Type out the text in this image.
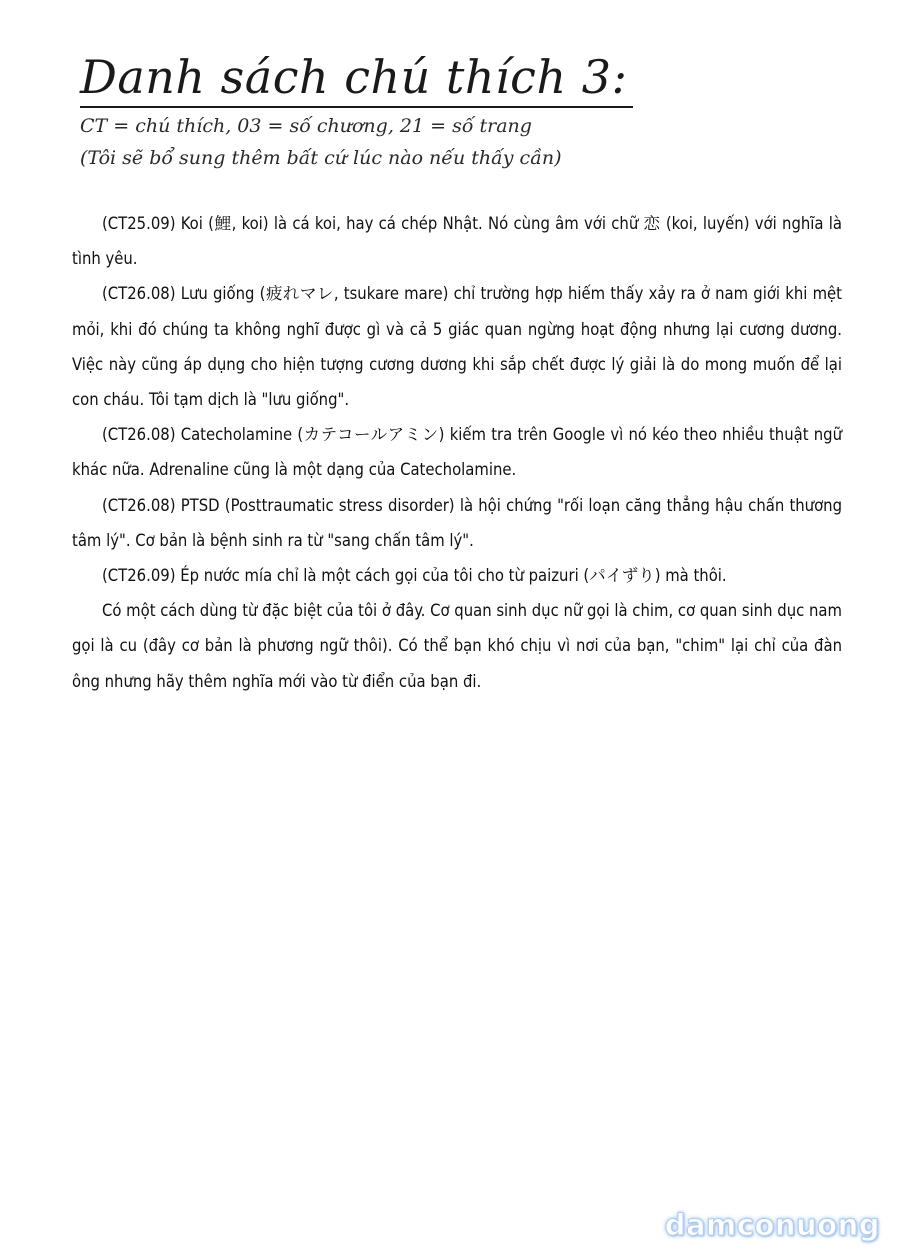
Danh sách chú thích 3:
CT = chú thích, 03 = số chương, 21 = số trang
(Tôi sẽ bổ sung thêm bất cứ lúc nào nếu thấy cần)

(CT25.09) Koi (鯉, koi) là cá koi, hay cá chép Nhật. Nó cùng âm với chữ 恋 (koi, luyến) với nghĩa là tình yêu.

(CT26.08) Lưu giống (疲れマレ, tsukare mare) chỉ trường hợp hiếm thấy xảy ra ở nam giới khi mệt mỏi, khi đó chúng ta không nghĩ được gì và cả 5 giác quan ngừng hoạt động nhưng lại cương dương. Việc này cũng áp dụng cho hiện tượng cương dương khi sắp chết được lý giải là do mong muốn để lại con cháu. Tôi tạm dịch là "lưu giống".

(CT26.08) Catecholamine (カテコールアミン) kiếm tra trên Google vì nó kéo theo nhiều thuật ngữ khác nữa. Adrenaline cũng là một dạng của Catecholamine.

(CT26.08) PTSD (Posttraumatic stress disorder) là hội chứng "rối loạn căng thẳng hậu chấn thương tâm lý". Cơ bản là bệnh sinh ra từ "sang chấn tâm lý".

(CT26.09) Ép nước mía chỉ là một cách gọi của tôi cho từ paizuri (パイずり) mà thôi.

Có một cách dùng từ đặc biệt của tôi ở đây. Cơ quan sinh dục nữ gọi là chim, cơ quan sinh dục nam gọi là cu (đây cơ bản là phương ngữ thôi). Có thể bạn khó chịu vì nơi của bạn, "chim" lại chỉ của đàn ông nhưng hãy thêm nghĩa mới vào từ điển của bạn đi.

damconuong
